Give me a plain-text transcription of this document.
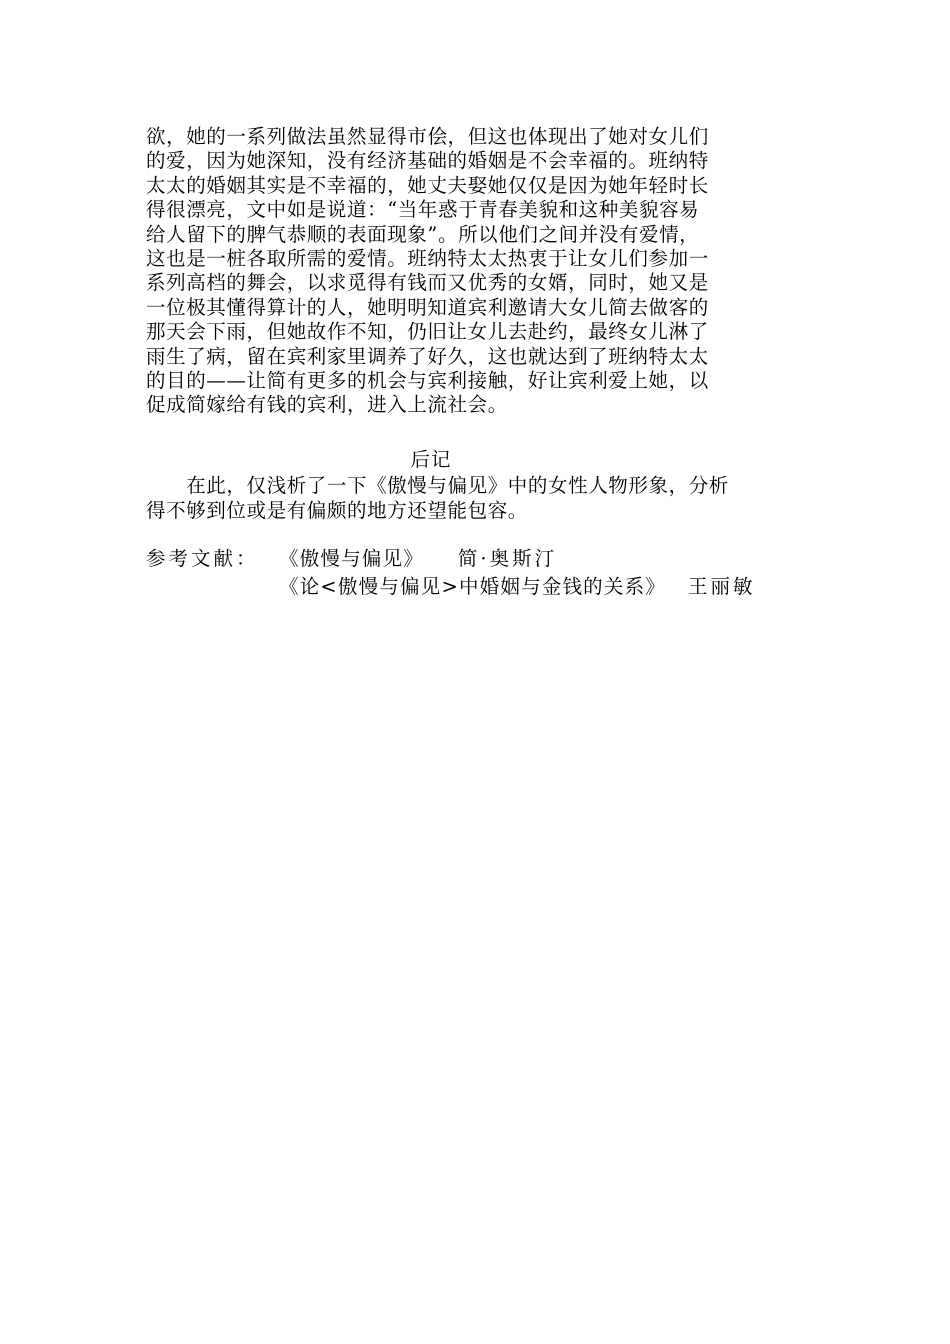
欲，她的一系列做法虽然显得市侩，但这也体现出了她对女儿们
的爱，因为她深知，没有经济基础的婚姻是不会幸福的。班纳特
太太的婚姻其实是不幸福的，她丈夫娶她仅仅是因为她年轻时长
得很漂亮，文中如是说道：“当年惑于青春美貌和这种美貌容易
给人留下的脾气恭顺的表面现象”。所以他们之间并没有爱情，
这也是一桩各取所需的爱情。班纳特太太热衷于让女儿们参加一
系列高档的舞会，以求觅得有钱而又优秀的女婿，同时，她又是
一位极其懂得算计的人，她明明知道宾利邀请大女儿简去做客的
那天会下雨，但她故作不知，仍旧让女儿去赴约，最终女儿淋了
雨生了病，留在宾利家里调养了好久，这也就达到了班纳特太太
的目的——让简有更多的机会与宾利接触，好让宾利爱上她，以
促成简嫁给有钱的宾利，进入上流社会。
后记
　　在此，仅浅析了一下《傲慢与偏见》中的女性人物形象，分析
得不够到位或是有偏颇的地方还望能包容。
参考文献： 《傲慢与偏见》 简·奥斯汀
《论<傲慢与偏见>中婚姻与金钱的关系》 王丽敏
